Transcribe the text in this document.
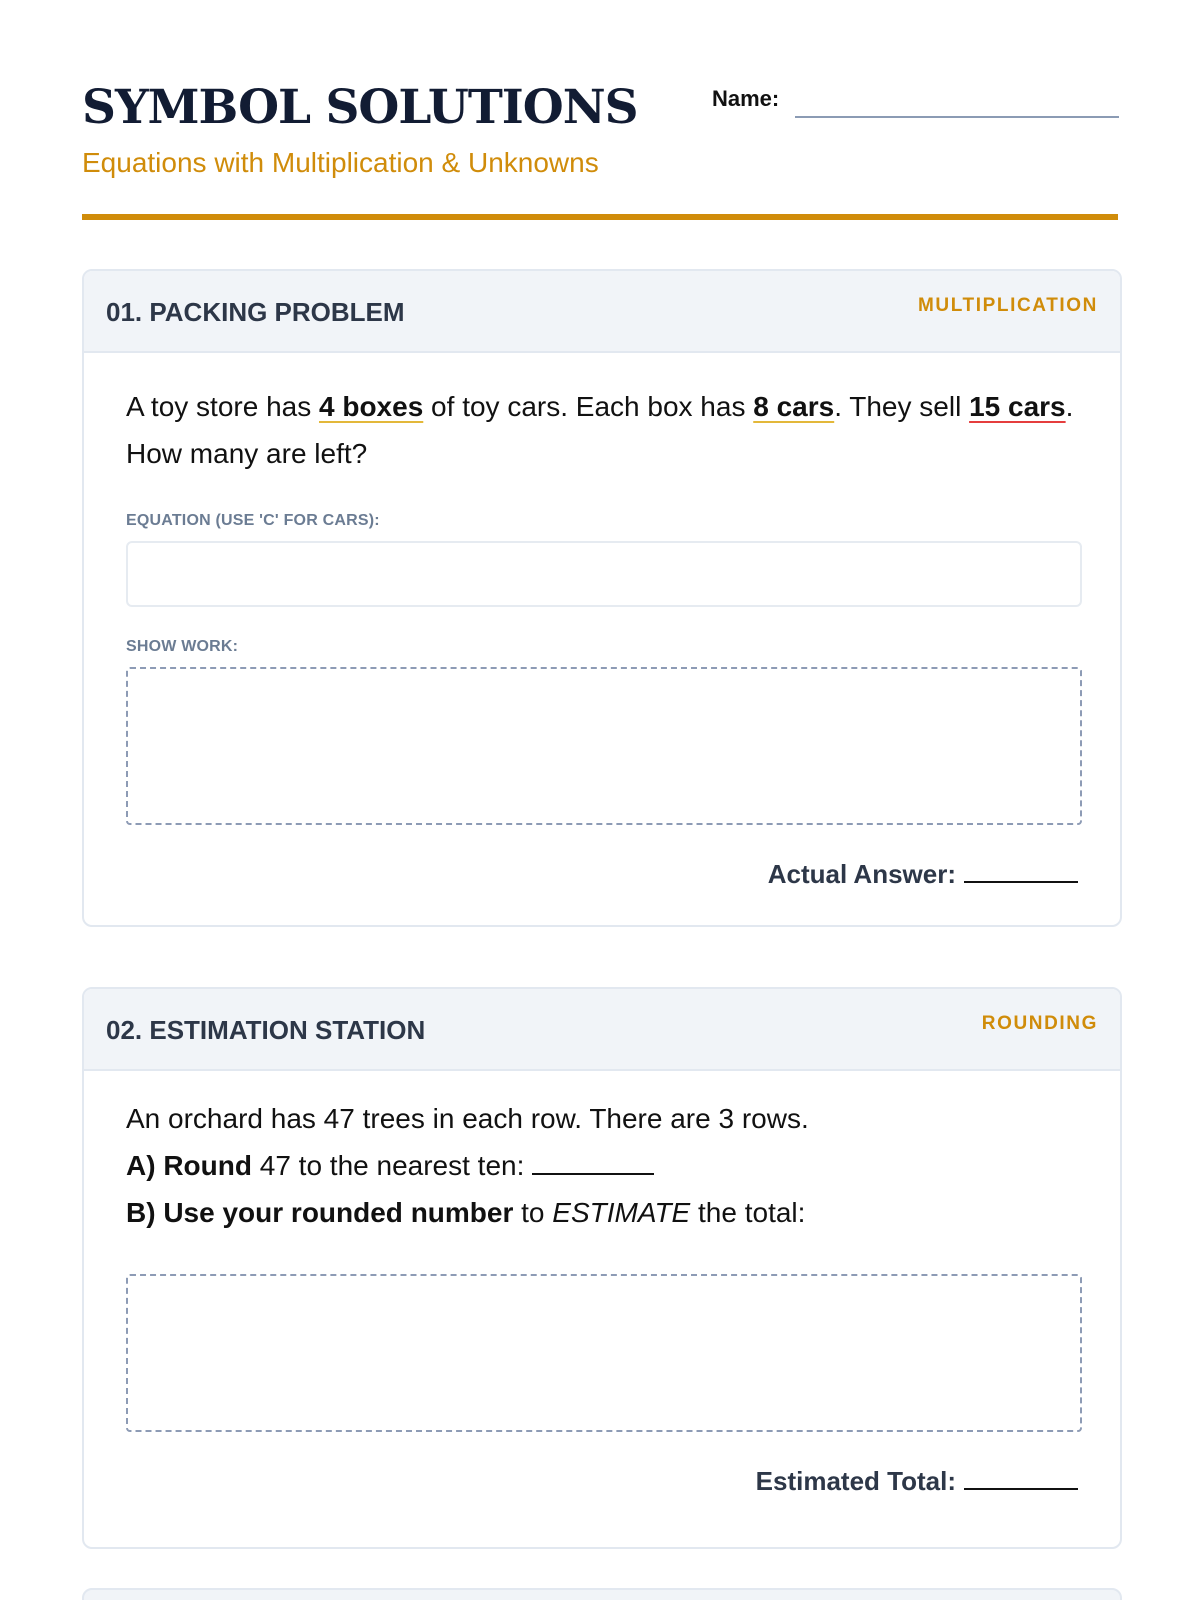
SYMBOL SOLUTIONS
Equations with Multiplication & Unknowns
Name:
01. PACKING PROBLEM	MULTIPLICATION
A toy store has 4 boxes of toy cars. Each box has 8 cars. They sell 15 cars. How many are left?
EQUATION (USE 'C' FOR CARS):
SHOW WORK:
Actual Answer:
02. ESTIMATION STATION	ROUNDING
An orchard has 47 trees in each row. There are 3 rows.
A) Round 47 to the nearest ten:
B) Use your rounded number to ESTIMATE the total:
Estimated Total:
